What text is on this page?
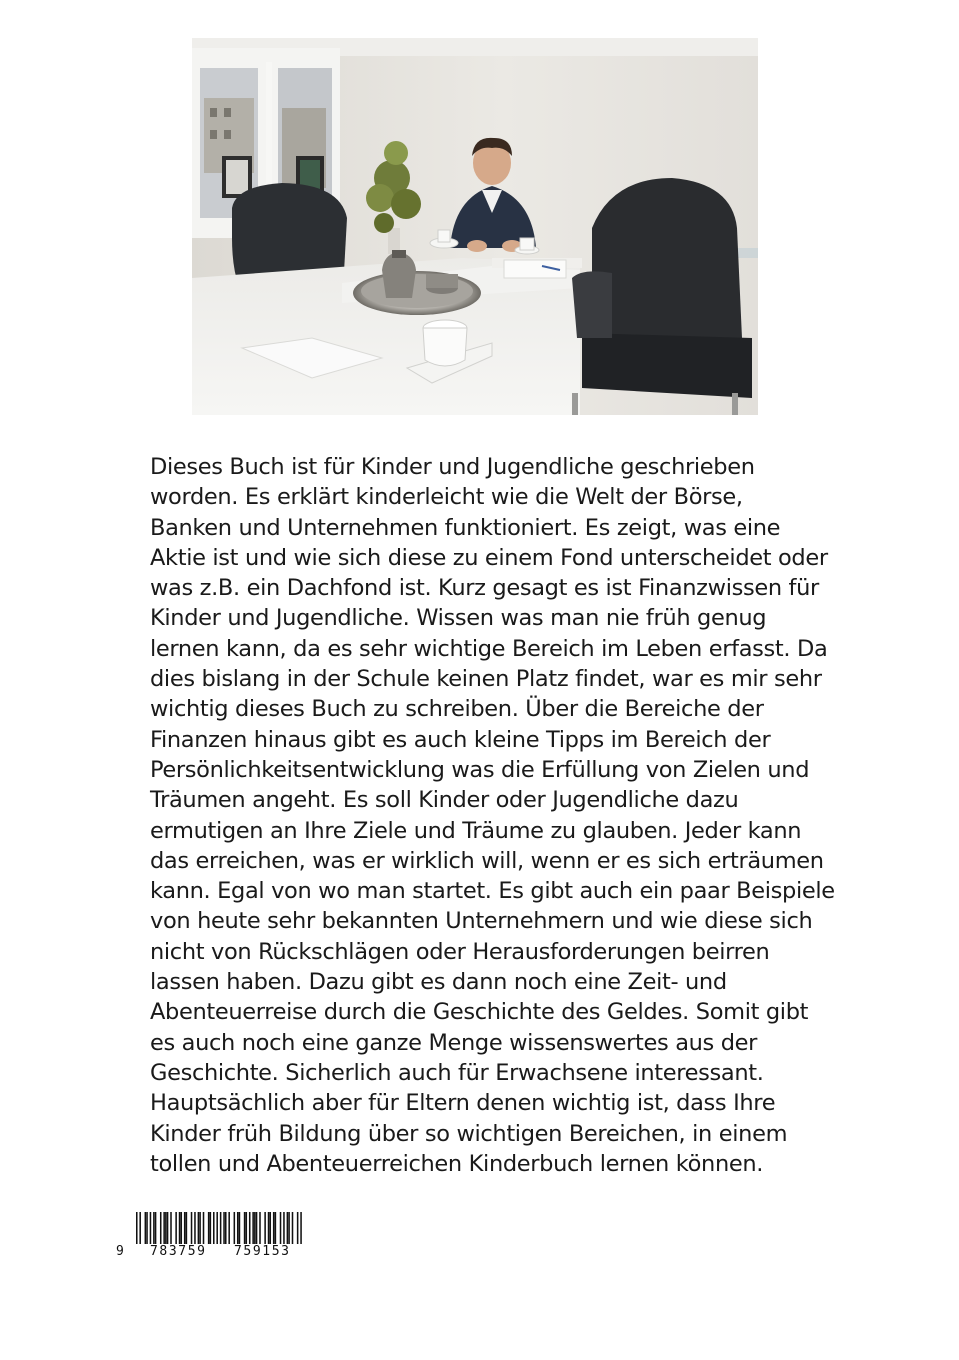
Dieses Buch ist für Kinder und Jugendliche geschrieben
worden. Es erklärt kinderleicht wie die Welt der Börse,
Banken und Unternehmen funktioniert. Es zeigt, was eine
Aktie ist und wie sich diese zu einem Fond unterscheidet oder
was z.B. ein Dachfond ist. Kurz gesagt es ist Finanzwissen für
Kinder und Jugendliche. Wissen was man nie früh genug
lernen kann, da es sehr wichtige Bereich im Leben erfasst. Da
dies bislang in der Schule keinen Platz findet, war es mir sehr
wichtig dieses Buch zu schreiben. Über die Bereiche der
Finanzen hinaus gibt es auch kleine Tipps im Bereich der
Persönlichkeitsentwicklung was die Erfüllung von Zielen und
Träumen angeht. Es soll Kinder oder Jugendliche dazu
ermutigen an Ihre Ziele und Träume zu glauben. Jeder kann
das erreichen, was er wirklich will, wenn er es sich erträumen
kann. Egal von wo man startet. Es gibt auch ein paar Beispiele
von heute sehr bekannten Unternehmern und wie diese sich
nicht von Rückschlägen oder Herausforderungen beirren
lassen haben. Dazu gibt es dann noch eine Zeit- und
Abenteuerreise durch die Geschichte des Geldes. Somit gibt
es auch noch eine ganze Menge wissenswertes aus der
Geschichte. Sicherlich auch für Erwachsene interessant.
Hauptsächlich aber für Eltern denen wichtig ist, dass Ihre
Kinder früh Bildung über so wichtigen Bereichen, in einem
tollen und Abenteuerreichen Kinderbuch lernen können.

9 783759 759153
